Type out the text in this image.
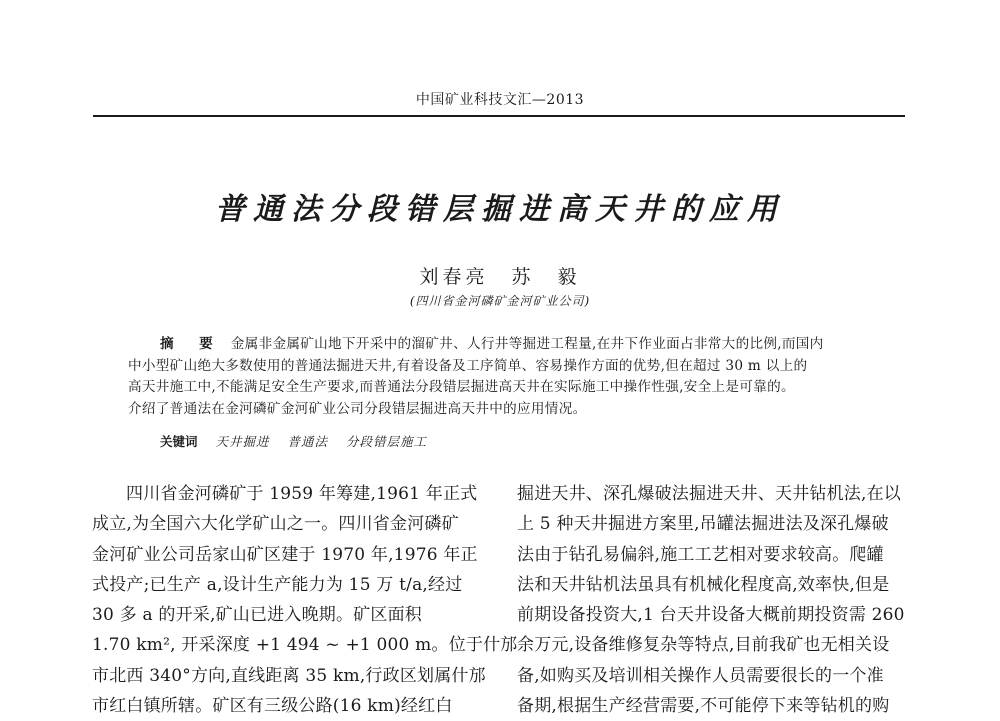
中国矿业科技文汇—2013
普通法分段错层掘进高天井的应用
刘春亮　苏　毅
(四川省金河磷矿金河矿业公司)
摘　要 金属非金属矿山地下开采中的溜矿井、人行井等掘进工程量,在井下作业面占非常大的比例,而国内
中小型矿山绝大多数使用的普通法掘进天井,有着设备及工序简单、容易操作方面的优势,但在超过 30 m 以上的
高天井施工中,不能满足安全生产要求,而普通法分段错层掘进高天井在实际施工中操作性强,安全上是可靠的。
介绍了普通法在金河磷矿金河矿业公司分段错层掘进高天井中的应用情况。
关键词 天井掘进 普通法 分段错层施工
四川省金河磷矿于 1959 年筹建,1961 年正式
成立,为全国六大化学矿山之一。四川省金河磷矿
金河矿业公司岳家山矿区建于 1970 年,1976 年正
式投产;已生产 a,设计生产能力为 15 万 t/a,经过
30 多 a 的开采,矿山已进入晚期。矿区面积
1.70 km², 开采深度 +1 494 ~ +1 000 m。位于什邡
市北西 340°方向,直线距离 35 km,行政区划属什邡
市红白镇所辖。矿区有三级公路(16 km)经红白
掘进天井、深孔爆破法掘进天井、天井钻机法,在以
上 5 种天井掘进方案里,吊罐法掘进法及深孔爆破
法由于钻孔易偏斜,施工工艺相对要求较高。爬罐
法和天井钻机法虽具有机械化程度高,效率快,但是
前期设备投资大,1 台天井设备大概前期投资需 260
余万元,设备维修复杂等特点,目前我矿也无相关设
备,如购买及培训相关操作人员需要很长的一个准
备期,根据生产经营需要,不可能停下来等钻机的购
